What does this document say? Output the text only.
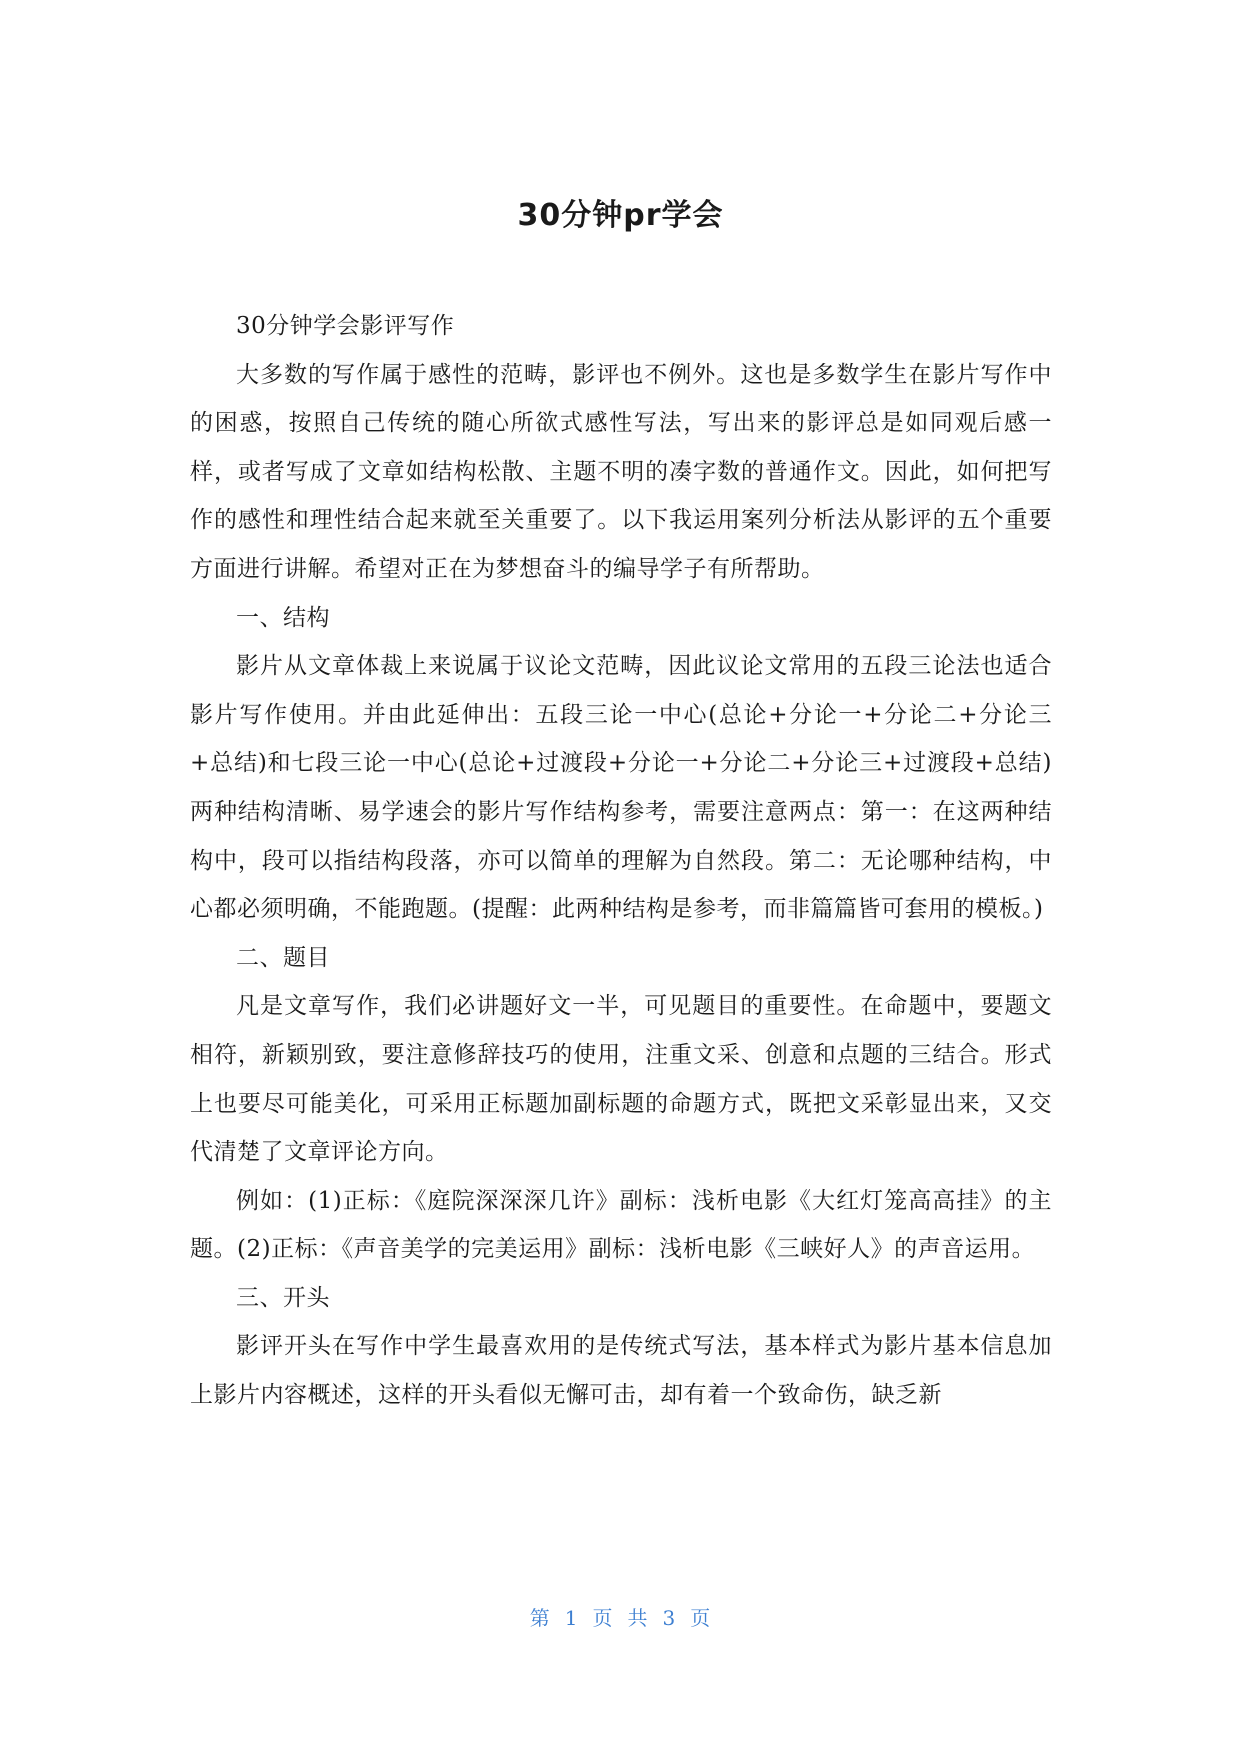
30分钟pr学会

30分钟学会影评写作

大多数的写作属于感性的范畴，影评也不例外。这也是多数学生在影片写作中的困惑，按照自己传统的随心所欲式感性写法，写出来的影评总是如同观后感一样，或者写成了文章如结构松散、主题不明的凑字数的普通作文。因此，如何把写作的感性和理性结合起来就至关重要了。以下我运用案列分析法从影评的五个重要方面进行讲解。希望对正在为梦想奋斗的编导学子有所帮助。

一、结构

影片从文章体裁上来说属于议论文范畴，因此议论文常用的五段三论法也适合影片写作使用。并由此延伸出：五段三论一中心(总论+分论一+分论二+分论三+总结)和七段三论一中心(总论+过渡段+分论一+分论二+分论三+过渡段+总结)两种结构清晰、易学速会的影片写作结构参考，需要注意两点：第一：在这两种结构中，段可以指结构段落，亦可以简单的理解为自然段。第二：无论哪种结构，中心都必须明确，不能跑题。(提醒：此两种结构是参考，而非篇篇皆可套用的模板。)

二、题目

凡是文章写作，我们必讲题好文一半，可见题目的重要性。在命题中，要题文相符，新颖别致，要注意修辞技巧的使用，注重文采、创意和点题的三结合。形式上也要尽可能美化，可采用正标题加副标题的命题方式，既把文采彰显出来，又交代清楚了文章评论方向。

例如：(1)正标：《庭院深深深几许》副标：浅析电影《大红灯笼高高挂》的主题。(2)正标：《声音美学的完美运用》副标：浅析电影《三峡好人》的声音运用。

三、开头

影评开头在写作中学生最喜欢用的是传统式写法，基本样式为影片基本信息加上影片内容概述，这样的开头看似无懈可击，却有着一个致命伤，缺乏新

第 1 页 共 3 页
